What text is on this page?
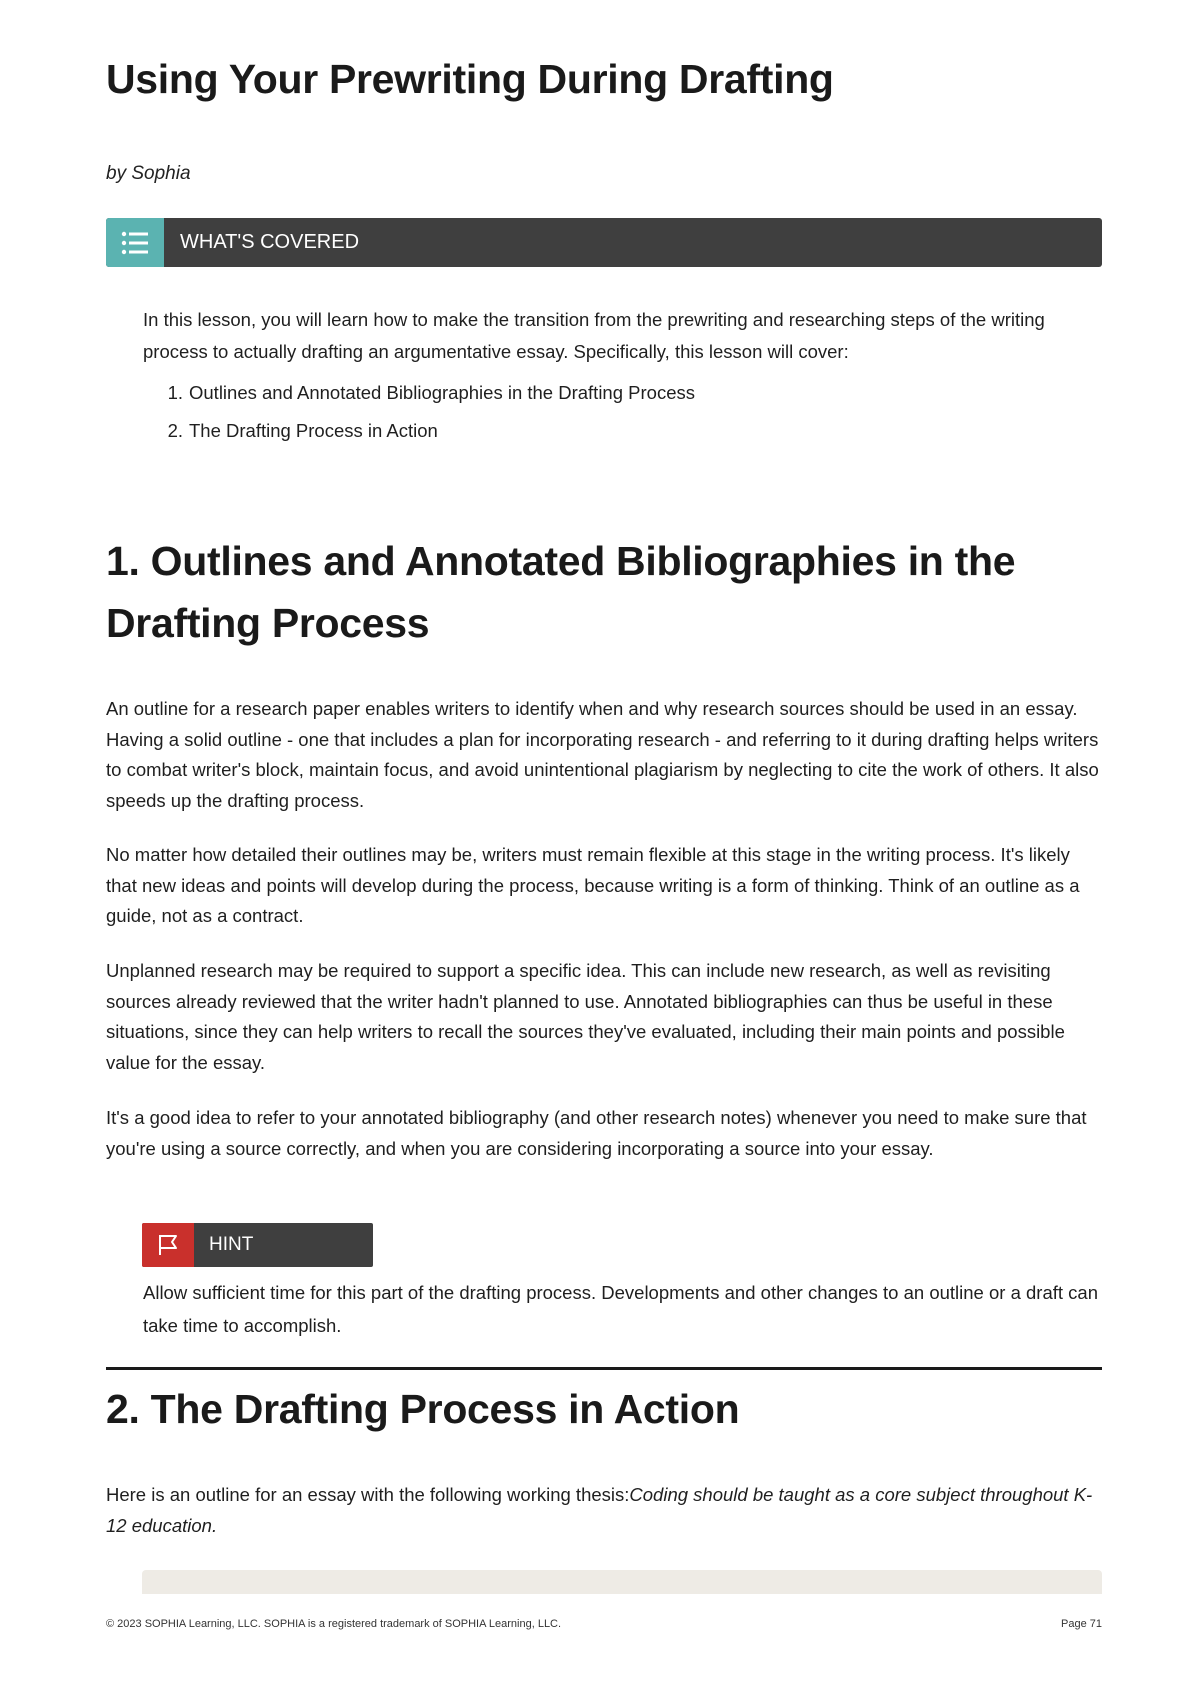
Using Your Prewriting During Drafting

by Sophia

WHAT'S COVERED

In this lesson, you will learn how to make the transition from the prewriting and researching steps of the writing process to actually drafting an argumentative essay. Specifically, this lesson will cover:

1. Outlines and Annotated Bibliographies in the Drafting Process
2. The Drafting Process in Action
1. Outlines and Annotated Bibliographies in the Drafting Process

An outline for a research paper enables writers to identify when and why research sources should be used in an essay. Having a solid outline - one that includes a plan for incorporating research - and referring to it during drafting helps writers to combat writer's block, maintain focus, and avoid unintentional plagiarism by neglecting to cite the work of others. It also speeds up the drafting process.

No matter how detailed their outlines may be, writers must remain flexible at this stage in the writing process. It's likely that new ideas and points will develop during the process, because writing is a form of thinking. Think of an outline as a guide, not as a contract.

Unplanned research may be required to support a specific idea. This can include new research, as well as revisiting sources already reviewed that the writer hadn't planned to use. Annotated bibliographies can thus be useful in these situations, since they can help writers to recall the sources they've evaluated, including their main points and possible value for the essay.

It's a good idea to refer to your annotated bibliography (and other research notes) whenever you need to make sure that you're using a source correctly, and when you are considering incorporating a source into your essay.

HINT

Allow sufficient time for this part of the drafting process. Developments and other changes to an outline or a draft can take time to accomplish.

2. The Drafting Process in Action

Here is an outline for an essay with the following working thesis:Coding should be taught as a core subject throughout K-12 education.

© 2023 SOPHIA Learning, LLC. SOPHIA is a registered trademark of SOPHIA Learning, LLC.	Page 71
